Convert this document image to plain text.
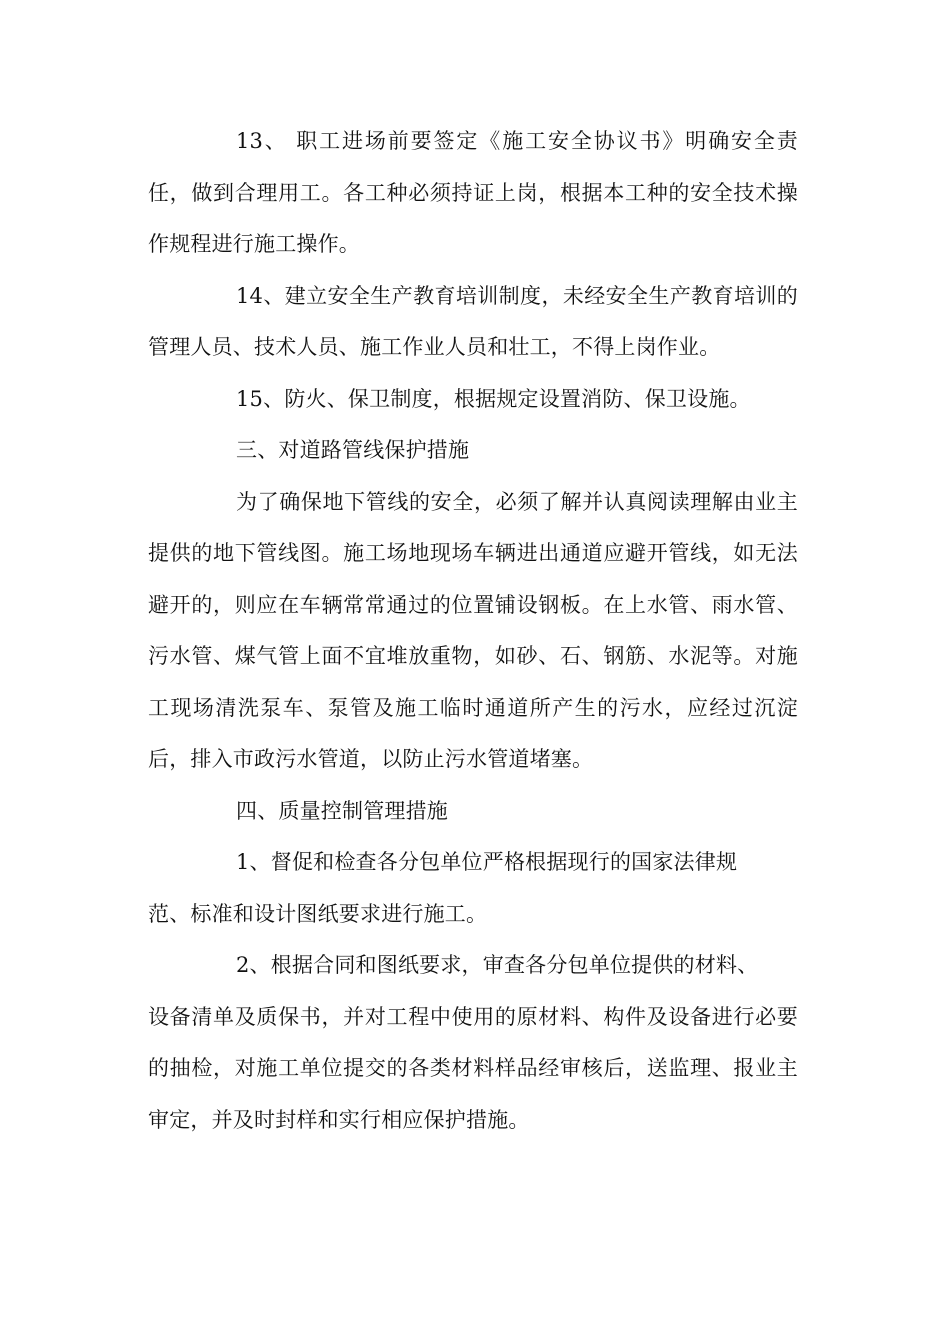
13、 职工进场前要签定《施工安全协议书》明确安全责任，做到合理用工。各工种必须持证上岗，根据本工种的安全技术操作规程进行施工操作。

14、建立安全生产教育培训制度，未经安全生产教育培训的管理人员、技术人员、施工作业人员和壮工，不得上岗作业。

15、防火、保卫制度，根据规定设置消防、保卫设施。

三、对道路管线保护措施

为了确保地下管线的安全，必须了解并认真阅读理解由业主提供的地下管线图。施工场地现场车辆进出通道应避开管线，如无法避开的，则应在车辆常常通过的位置铺设钢板。在上水管、雨水管、污水管、煤气管上面不宜堆放重物，如砂、石、钢筋、水泥等。对施工现场清洗泵车、泵管及施工临时通道所产生的污水，应经过沉淀后，排入市政污水管道，以防止污水管道堵塞。

四、质量控制管理措施

1、督促和检查各分包单位严格根据现行的国家法律规
范、标准和设计图纸要求进行施工。

2、根据合同和图纸要求，审查各分包单位提供的材料、
设备清单及质保书，并对工程中使用的原材料、构件及设备进行必要的抽检，对施工单位提交的各类材料样品经审核后，送监理、报业主审定，并及时封样和实行相应保护措施。
